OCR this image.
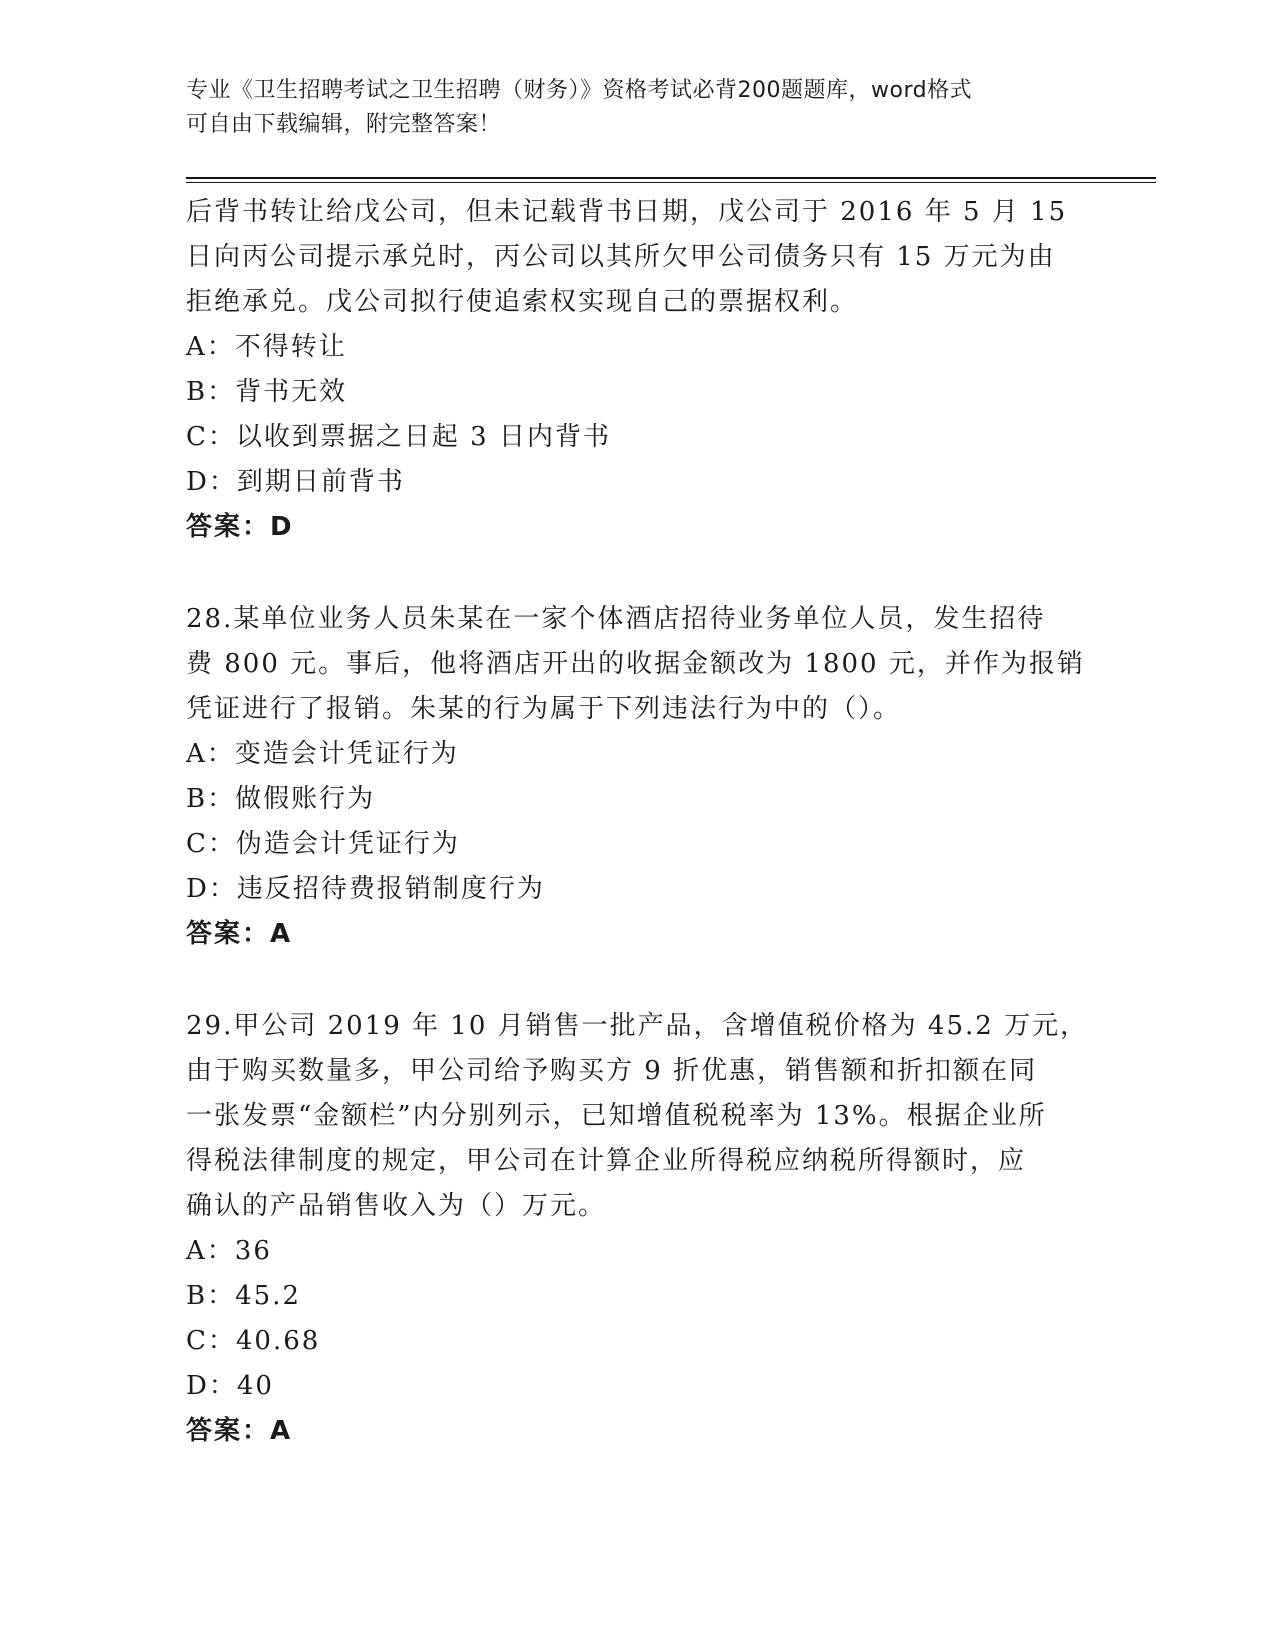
专业《卫生招聘考试之卫生招聘（财务）》资格考试必背200题题库，word格式
可自由下载编辑，附完整答案！
后背书转让给戊公司，但未记载背书日期，戊公司于 2016 年 5 月 15
日向丙公司提示承兑时，丙公司以其所欠甲公司债务只有 15 万元为由
拒绝承兑。戊公司拟行使追索权实现自己的票据权利。
A：不得转让
B：背书无效
C：以收到票据之日起 3 日内背书
D：到期日前背书
答案：D
28.某单位业务人员朱某在一家个体酒店招待业务单位人员，发生招待
费 800 元。事后，他将酒店开出的收据金额改为 1800 元，并作为报销
凭证进行了报销。朱某的行为属于下列违法行为中的（）。
A：变造会计凭证行为
B：做假账行为
C：伪造会计凭证行为
D：违反招待费报销制度行为
答案：A
29.甲公司 2019 年 10 月销售一批产品，含增值税价格为 45.2 万元，
由于购买数量多，甲公司给予购买方 9 折优惠，销售额和折扣额在同
一张发票“金额栏”内分别列示，已知增值税税率为 13%。根据企业所
得税法律制度的规定，甲公司在计算企业所得税应纳税所得额时，应
确认的产品销售收入为（）万元。
A：36
B：45.2
C：40.68
D：40
答案：A
